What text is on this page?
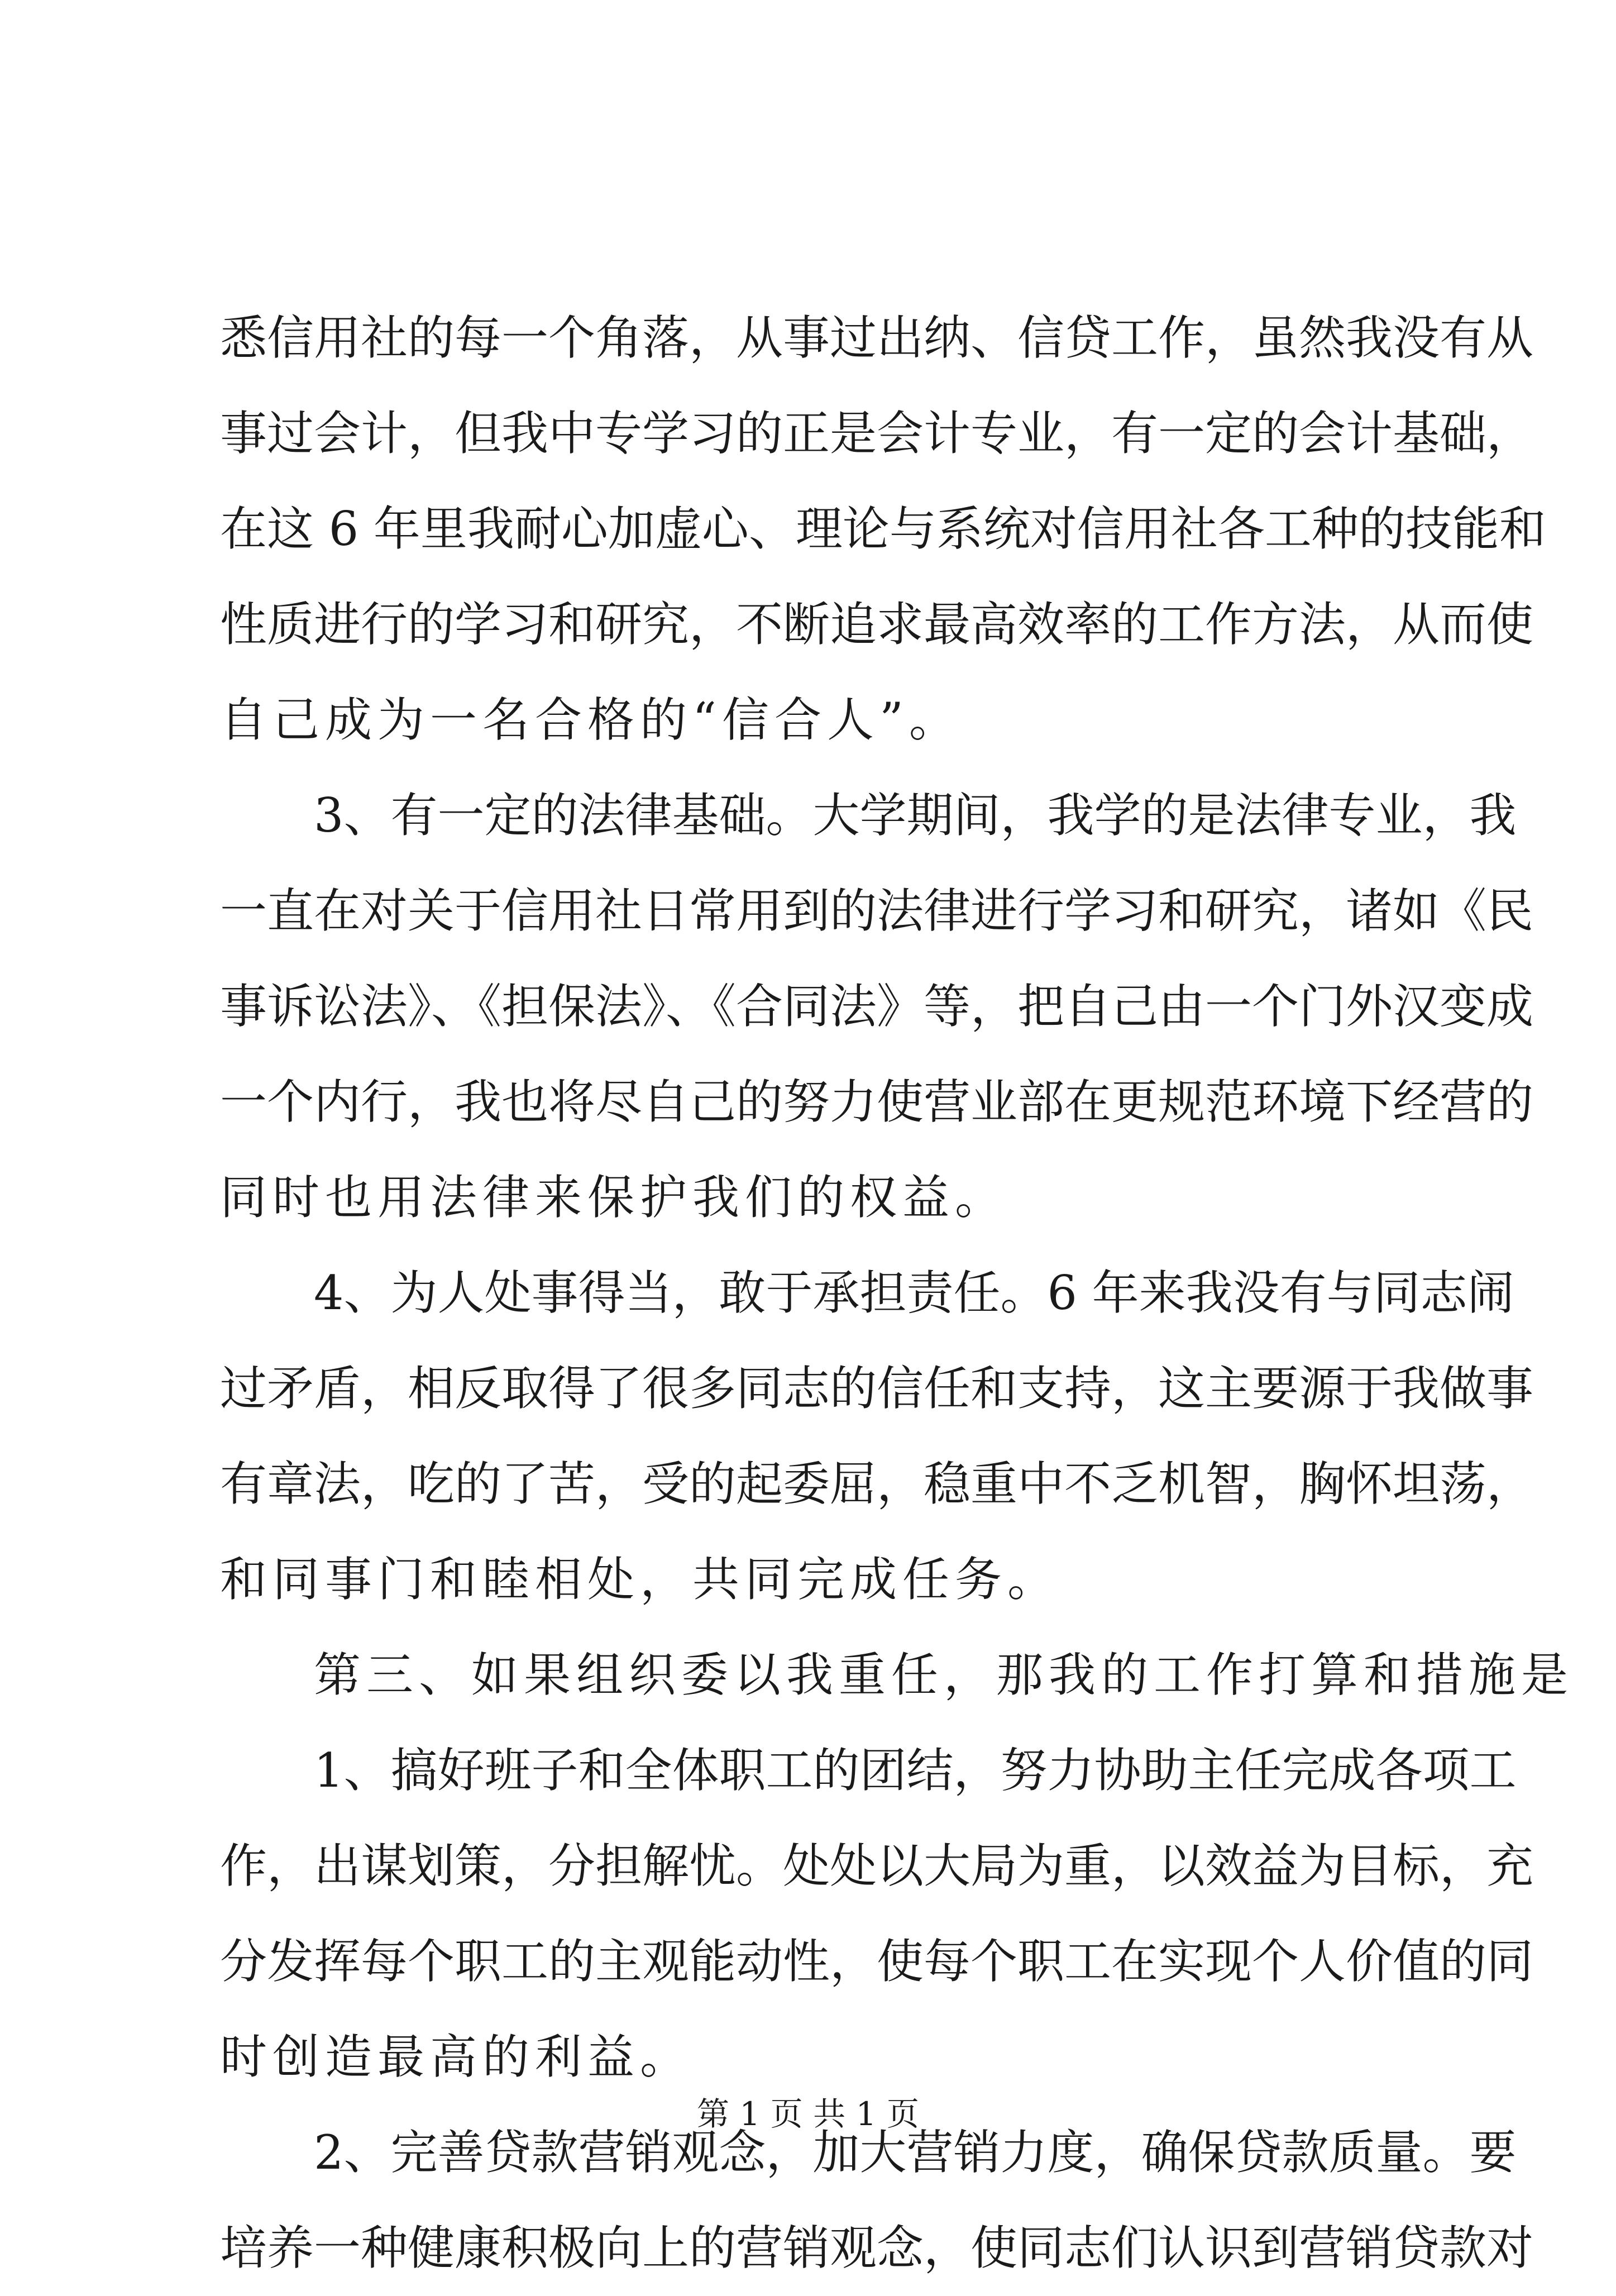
悉信用社的每一个角落，从事过出纳、信贷工作，虽然我没有从
事过会计，但我中专学习的正是会计专业，有一定的会计基础，
在这 6 年里我耐心加虚心、理论与系统对信用社各工种的技能和
性质进行的学习和研究，不断追求最高效率的工作方法，从而使
自己成为一名合格的“信合人”。
3、有一定的法律基础。大学期间，我学的是法律专业，我
一直在对关于信用社日常用到的法律进行学习和研究，诸如《民
事诉讼法》、《担保法》、《合同法》等，把自己由一个门外汉变成
一个内行，我也将尽自己的努力使营业部在更规范环境下经营的
同时也用法律来保护我们的权益。
4、为人处事得当，敢于承担责任。6 年来我没有与同志闹
过矛盾，相反取得了很多同志的信任和支持，这主要源于我做事
有章法，吃的了苦，受的起委屈，稳重中不乏机智，胸怀坦荡，
和同事门和睦相处，共同完成任务。
第三、如果组织委以我重任，那我的工作打算和措施是
1、搞好班子和全体职工的团结，努力协助主任完成各项工
作，出谋划策，分担解忧。处处以大局为重，以效益为目标，充
分发挥每个职工的主观能动性，使每个职工在实现个人价值的同
时创造最高的利益。
2、完善贷款营销观念，加大营销力度，确保贷款质量。要
培养一种健康积极向上的营销观念，使同志们认识到营销贷款对
第 1 页 共 1 页
